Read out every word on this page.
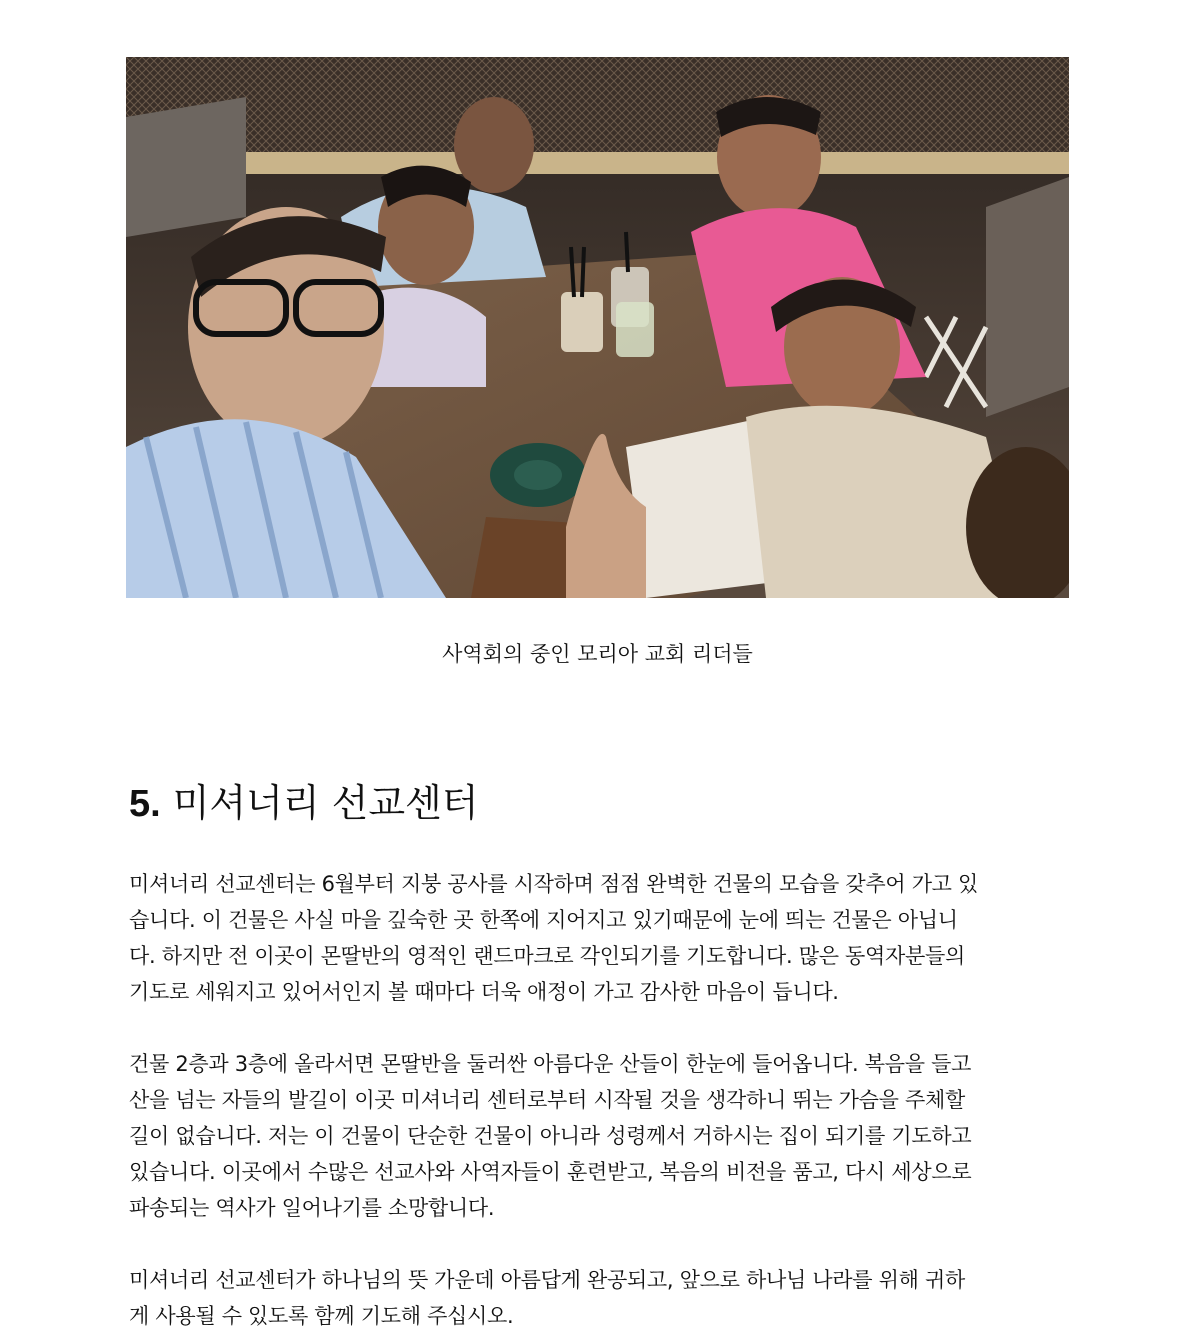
사역회의 중인 모리아 교회 리더들
5. 미셔너리 선교센터

미셔너리 선교센터는 6월부터 지붕 공사를 시작하며 점점 완벽한 건물의 모습을 갖추어 가고 있
습니다. 이 건물은 사실 마을 깊숙한 곳 한쪽에 지어지고 있기때문에 눈에 띄는 건물은 아닙니
다. 하지만 전 이곳이 몬딸반의 영적인 랜드마크로 각인되기를 기도합니다. 많은 동역자분들의
기도로 세워지고 있어서인지 볼 때마다 더욱 애정이 가고 감사한 마음이 듭니다.

건물 2층과 3층에 올라서면 몬딸반을 둘러싼 아름다운 산들이 한눈에 들어옵니다. 복음을 들고
산을 넘는 자들의 발길이 이곳 미셔너리 센터로부터 시작될 것을 생각하니 뛰는 가슴을 주체할
길이 없습니다. 저는 이 건물이 단순한 건물이 아니라 성령께서 거하시는 집이 되기를 기도하고
있습니다. 이곳에서 수많은 선교사와 사역자들이 훈련받고, 복음의 비전을 품고, 다시 세상으로
파송되는 역사가 일어나기를 소망합니다.

미셔너리 선교센터가 하나님의 뜻 가운데 아름답게 완공되고, 앞으로 하나님 나라를 위해 귀하
게 사용될 수 있도록 함께 기도해 주십시오.
